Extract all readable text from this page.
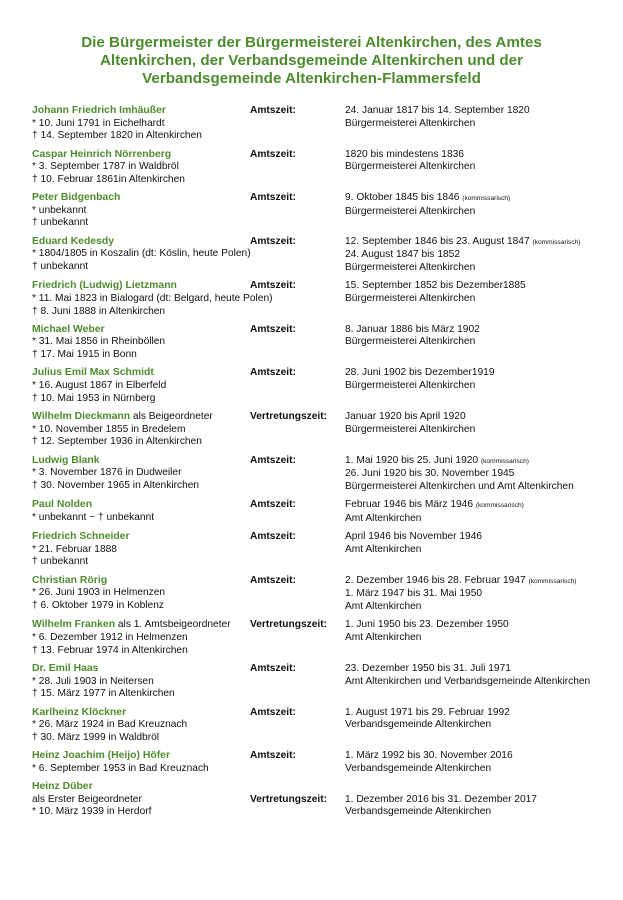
Die Bürgermeister der Bürgermeisterei Altenkirchen, des Amtes
Altenkirchen, der Verbandsgemeinde Altenkirchen und der
Verbandsgemeinde Altenkirchen-Flammersfeld
Johann Friedrich Imhäußer
* 10. Juni 1791 in Eichelhardt
† 14. September 1820 in Altenkirchen
Amtszeit:	24. Januar 1817 bis 14. September 1820
Bürgermeisterei Altenkirchen
Caspar Heinrich Nörrenberg
* 3. September 1787 in Waldbröl
† 10. Februar 1861in Altenkirchen
Amtszeit:	1820 bis mindestens 1836
Bürgermeisterei Altenkirchen
Peter Bidgenbach
* unbekannt
† unbekannt
Amtszeit:	9. Oktober 1845 bis 1846 (kommissarisch)
Bürgermeisterei Altenkirchen
Eduard Kedesdy
* 1804/1805 in Koszalin (dt: Köslin, heute Polen)
† unbekannt
Amtszeit:	12. September 1846 bis 23. August 1847 (kommissarisch)
24. August 1847 bis 1852
Bürgermeisterei Altenkirchen
Friedrich (Ludwig) Lietzmann
* 11. Mai 1823 in Bialogard (dt: Belgard, heute Polen)
† 8. Juni 1888 in Altenkirchen
Amtszeit:	15. September 1852 bis Dezember1885
Bürgermeisterei Altenkirchen
Michael Weber
* 31. Mai 1856 in Rheinböllen
† 17. Mai 1915 in Bonn
Amtszeit:	8. Januar 1886 bis März 1902
Bürgermeisterei Altenkirchen
Julius Emil Max Schmidt
* 16. August 1867 in Elberfeld
† 10. Mai 1953 in Nürnberg
Amtszeit:	28. Juni 1902 bis Dezember1919
Bürgermeisterei Altenkirchen
Wilhelm Dieckmann als Beigeordneter
* 10. November 1855 in Bredelem
† 12. September 1936 in Altenkirchen
Vertretungszeit:	Januar 1920 bis April 1920
Bürgermeisterei Altenkirchen
Ludwig Blank
* 3. November 1876 in Dudweiler
† 30. November 1965 in Altenkirchen
Amtszeit:	1. Mai 1920 bis 25. Juni 1920 (kommissarisch)
26. Juni 1920 bis 30. November 1945
Bürgermeisterei Altenkirchen und Amt Altenkirchen
Paul Nolden
* unbekannt ~ † unbekannt
Amtszeit:	Februar 1946 bis März 1946 (kommissarisch)
Amt Altenkirchen
Friedrich Schneider
* 21. Februar 1888
† unbekannt
Amtszeit:	April 1946 bis November 1946
Amt Altenkirchen
Christian Rörig
* 26. Juni 1903 in Helmenzen
† 6. Oktober 1979 in Koblenz
Amtszeit:	2. Dezember 1946 bis 28. Februar 1947 (kommissarisch)
1. März 1947 bis 31. Mai 1950
Amt Altenkirchen
Wilhelm Franken als 1. Amtsbeigeordneter
* 6. Dezember 1912 in Helmenzen
† 13. Februar 1974 in Altenkirchen
Vertretungszeit:	1. Juni 1950 bis 23. Dezember 1950
Amt Altenkirchen
Dr. Emil Haas
* 28. Juli 1903 in Neitersen
† 15. März 1977 in Altenkirchen
Amtszeit:	23. Dezember 1950 bis 31. Juli 1971
Amt Altenkirchen und Verbandsgemeinde Altenkirchen
Karlheinz Klöckner
* 26. März 1924 in Bad Kreuznach
† 30. März 1999 in Waldbröl
Amtszeit:	1. August 1971 bis 29. Februar 1992
Verbandsgemeinde Altenkirchen
Heinz Joachim (Heijo) Höfer
* 6. September 1953 in Bad Kreuznach
Amtszeit:	1. März 1992 bis 30. November 2016
Verbandsgemeinde Altenkirchen
Heinz Düber
als Erster Beigeordneter
* 10. März 1939 in Herdorf
Vertretungszeit:	1. Dezember 2016 bis 31. Dezember 2017
Verbandsgemeinde Altenkirchen
